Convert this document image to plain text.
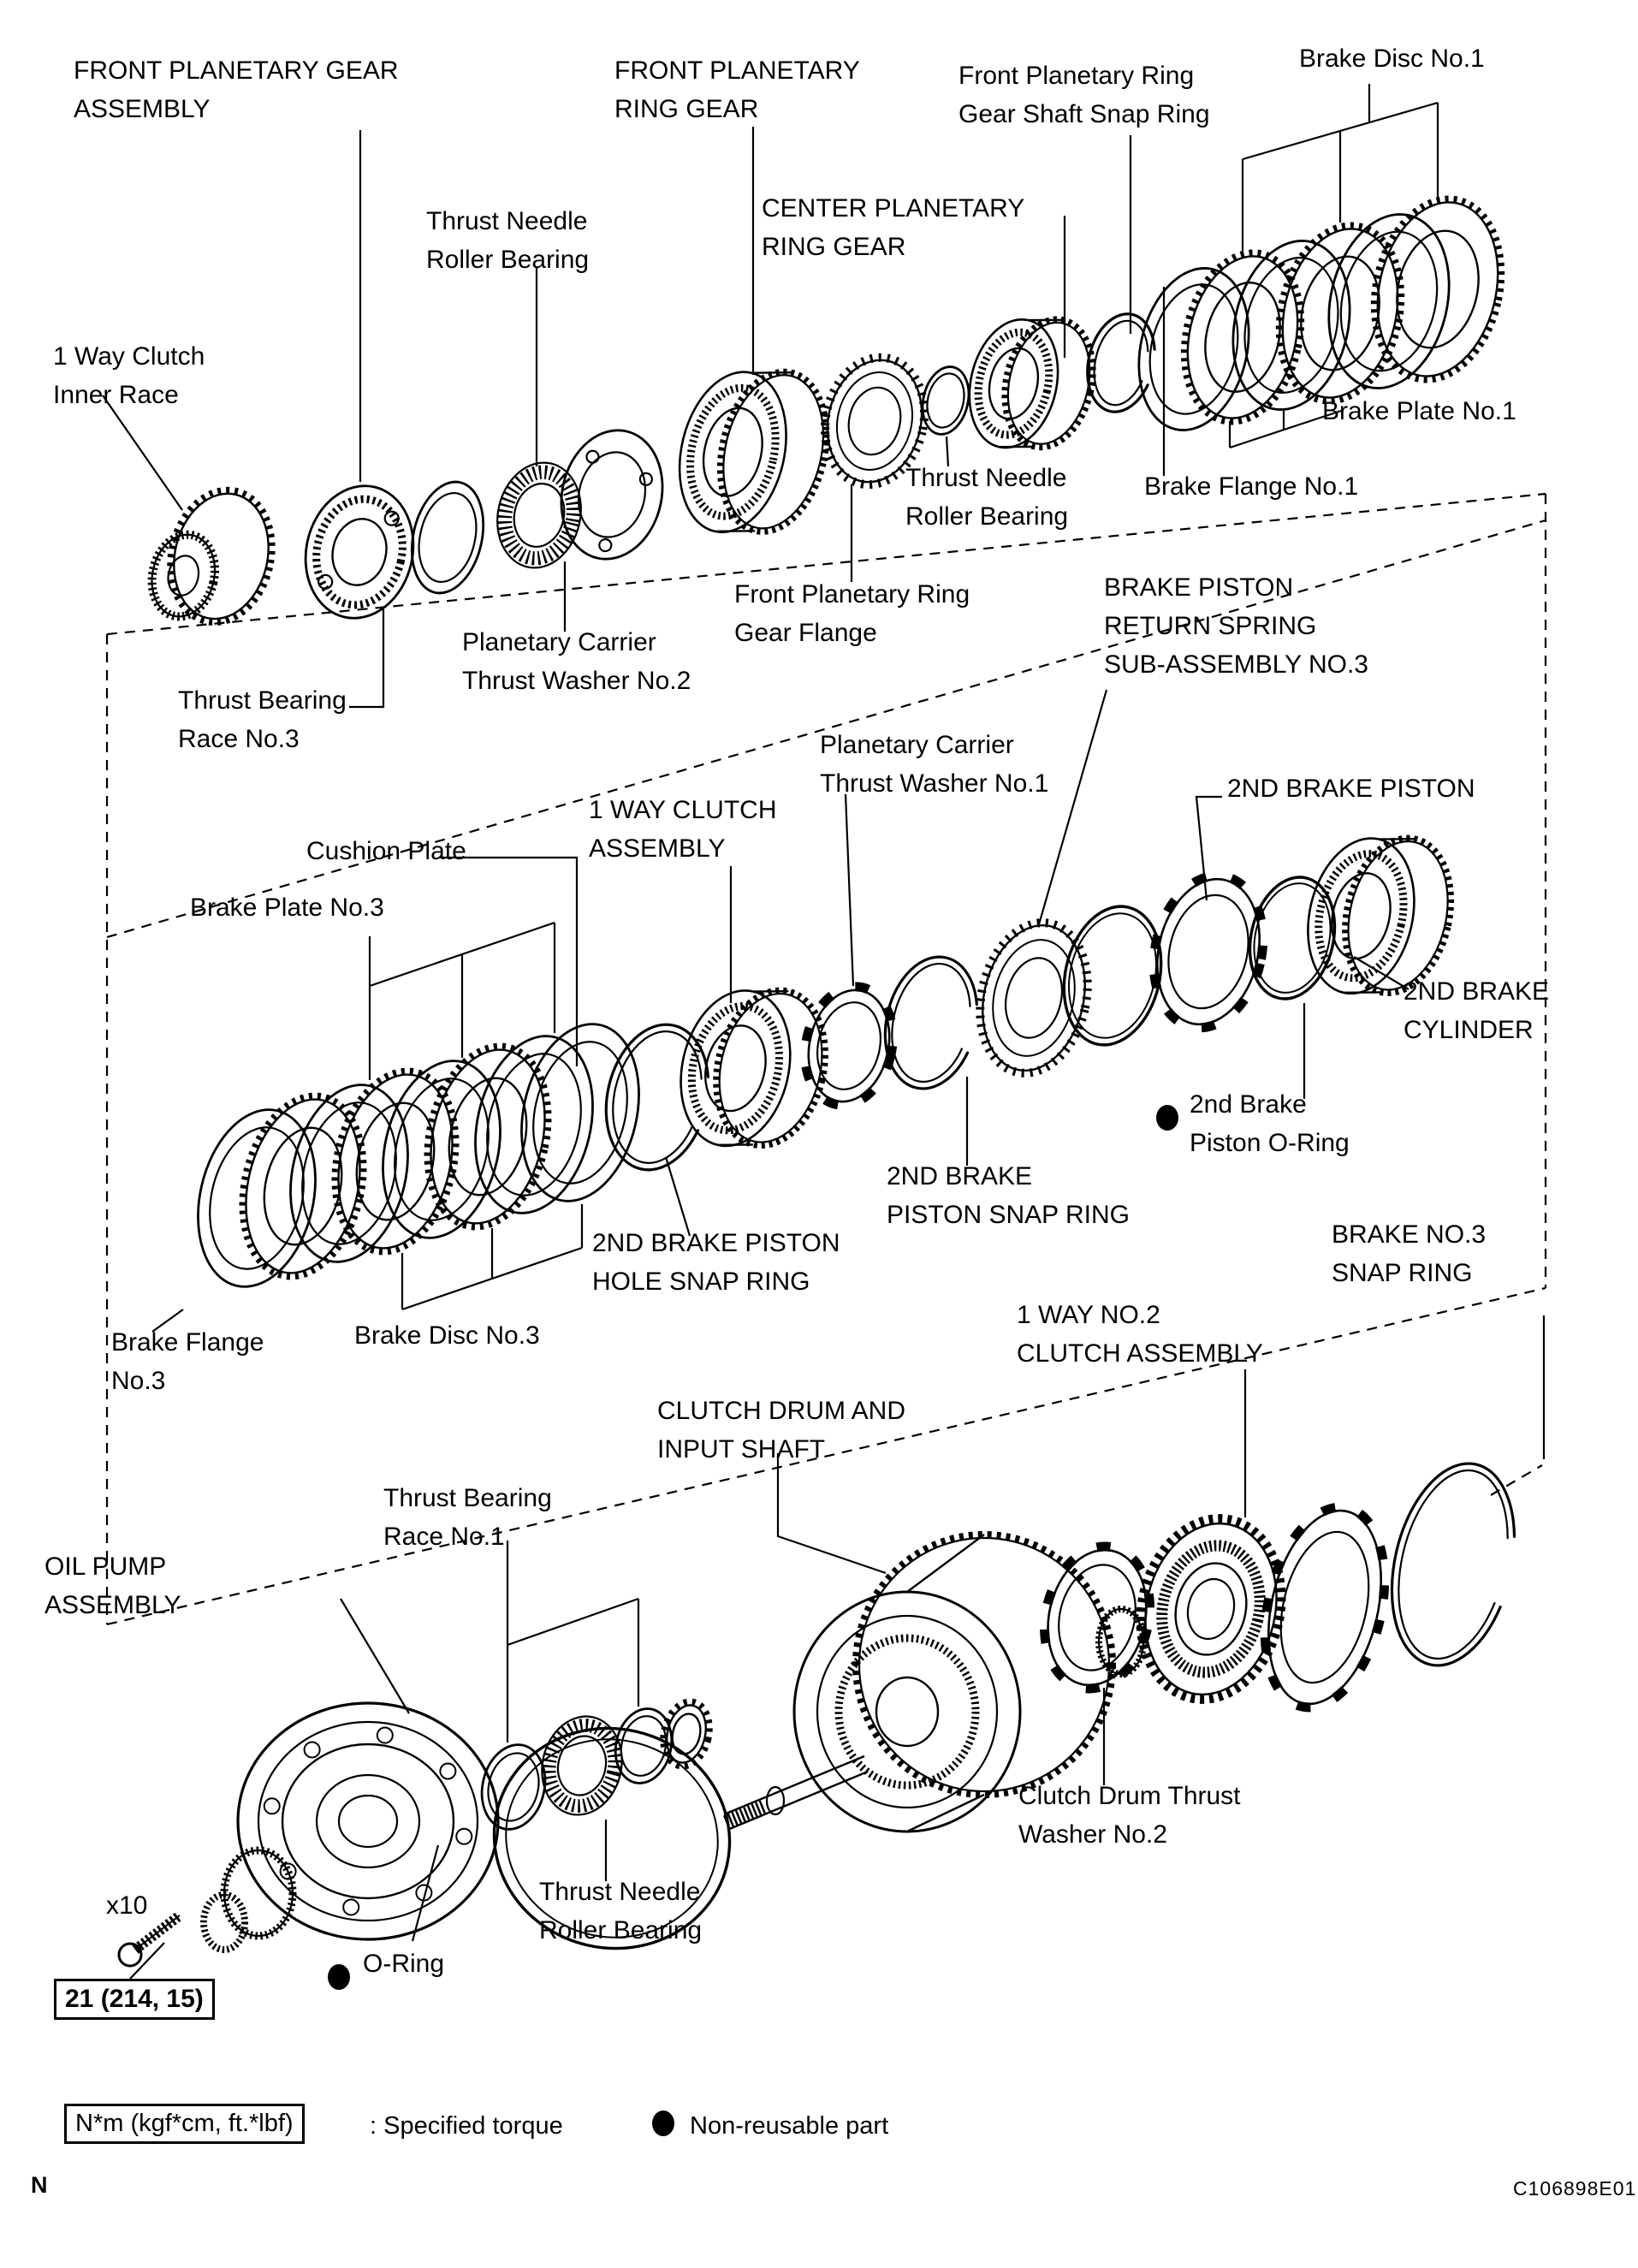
FRONT PLANETARY GEAR ASSEMBLY
FRONT PLANETARY RING GEAR
Front Planetary Ring Gear Shaft Snap Ring
Brake Disc No.1
Thrust Needle Roller Bearing
CENTER PLANETARY RING GEAR
1 Way Clutch Inner Race
Thrust Needle Roller Bearing
Brake Plate No.1
Brake Flange No.1
Front Planetary Ring Gear Flange
Planetary Carrier Thrust Washer No.2
Thrust Bearing Race No.3
BRAKE PISTON RETURN SPRING SUB-ASSEMBLY NO.3
Planetary Carrier Thrust Washer No.1	2ND BRAKE PISTON
Cushion Plate
1 WAY CLUTCH ASSEMBLY
Brake Plate No.3
2ND BRAKE CYLINDER
2nd Brake Piston O-Ring
2ND BRAKE PISTON SNAP RING
2ND BRAKE PISTON HOLE SNAP RING
BRAKE NO.3 SNAP RING
Brake Flange No.3
Brake Disc No.3
1 WAY NO.2 CLUTCH ASSEMBLY
CLUTCH DRUM AND INPUT SHAFT
Thrust Bearing Race No.1
OIL PUMP ASSEMBLY
Clutch Drum Thrust Washer No.2
Thrust Needle Roller Bearing
O-Ring
x10
21 (214, 15)
N*m (kgf*cm, ft.*lbf)	: Specified torque	Non-reusable part
N	C106898E01
